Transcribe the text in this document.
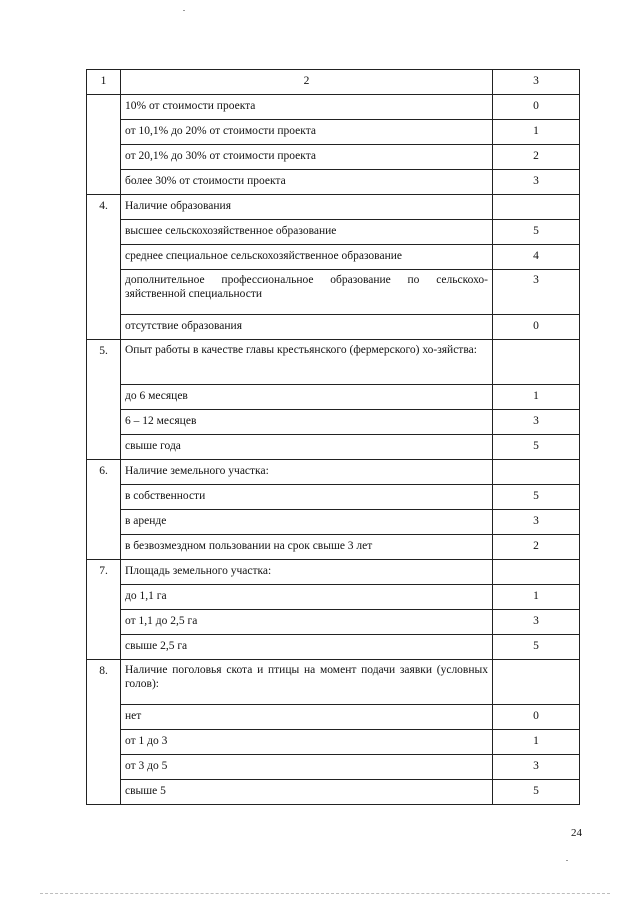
1	2	3
	10% от стоимости проекта	0
	от 10,1% до 20% от стоимости проекта	1
	от 20,1% до 30% от стоимости проекта	2
	более 30% от стоимости проекта	3
4.	Наличие образования	
	высшее сельскохозяйственное образование	5
	среднее специальное сельскохозяйственное образование	4
	дополнительное профессиональное образование по сельскохо-зяйственной специальности	3
	отсутствие образования	0
5.	Опыт работы в качестве главы крестьянского (фермерского) хо-зяйства:	
	до 6 месяцев	1
	6 – 12 месяцев	3
	свыше года	5
6.	Наличие земельного участка:	
	в собственности	5
	в аренде	3
	в безвозмездном пользовании на срок свыше 3 лет	2
7.	Площадь земельного участка:	
	до 1,1 га	1
	от 1,1 до 2,5 га	3
	свыше 2,5 га	5
8.	Наличие поголовья скота и птицы на момент подачи заявки (условных голов):	
	нет	0
	от 1 до 3	1
	от 3 до 5	3
	свыше 5	5
24
